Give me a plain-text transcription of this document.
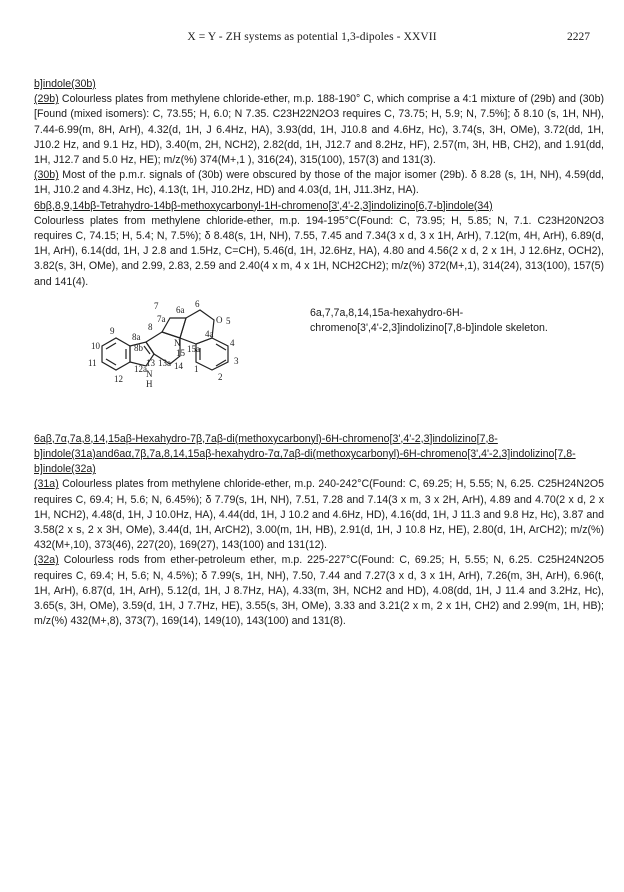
X = Y - ZH systems as potential 1,3-dipoles - XXVII	2227

b]indole(30b)

(29b) Colourless plates from methylene chloride-ether, m.p. 188-190° C, which comprise a 4:1 mixture of (29b) and (30b)[Found (mixed isomers): C, 73.55; H, 6.0; N 7.35. C23H22N2O3 requires C, 73.75; H, 5.9; N, 7.5%]; δ 8.10 (s, 1H, NH), 7.44-6.99(m, 8H, ArH), 4.32(d, 1H, J 6.4Hz, HA), 3.93(dd, 1H, J10.8 and 4.6Hz, Hc), 3.74(s, 3H, OMe), 3.72(dd, 1H, J10.2 Hz, and 9.1 Hz, HD), 3.40(m, 2H, NCH2), 2.82(dd, 1H, J12.7 and 8.2Hz, HF), 2.57(m, 3H, HB, CH2), and 1.91(dd, 1H, J12.7 and 5.0 Hz, HE); m/z(%) 374(M+,1 ), 316(24), 315(100), 157(3) and 131(3).

(30b) Most of the p.m.r. signals of (30b) were obscured by those of the major isomer (29b). δ 8.28 (s, 1H, NH), 4.59(dd, 1H, J10.2 and 4.3Hz, Hc), 4.13(t, 1H, J10.2Hz, HD) and 4.03(d, 1H, J11.3Hz, HA).

6bβ,8,9,14bβ-Tetrahydro-14bβ-methoxycarbonyl-1H-chromeno[3',4'-2,3]indolizino[6,7-b]indole(34)

Colourless plates from methylene chloride-ether, m.p. 194-195°C(Found: C, 73.95; H, 5.85; N, 7.1. C23H20N2O3 requires C, 74.15; H, 5.4; N, 7.5%); δ 8.48(s, 1H, NH), 7.55, 7.45 and 7.34(3 x d, 3 x 1H, ArH), 7.12(m, 4H, ArH), 6.89(d, 1H, ArH), 6.14(dd, 1H, J 2.8 and 1.5Hz, C=CH), 5.46(d, 1H, J2.6Hz, HA), 4.80 and 4.56(2 x d, 2 x 1H, J 12.6Hz, OCH2), 3.82(s, 3H, OMe), and 2.99, 2.83, 2.59 and 2.40(4 x m, 4 x 1H, NCH2CH2); m/z(%) 372(M+,1), 314(24), 313(100), 157(5) and 141(4).

7	6
6a
O 5
7a
8
4a
4
9
8a
N
15a
15
10	8b
13 13a 14 1
3
11
12a N	2
12	H
6a,7,7a,8,14,15a-hexahydro-6H-chromeno[3',4'-2,3]indolizino[7,8-b]indole skeleton.

6aβ,7α,7a,8,14,15aβ-Hexahydro-7β,7aβ-di(methoxycarbonyl)-6H-chromeno[3',4'-2,3]indolizino[7,8-b]indole(31a)and6aα,7β,7a,8,14,15aβ-hexahydro-7α,7aβ-di(methoxycarbonyl)-6H-chromeno[3',4'-2,3]indolizino[7,8-b]indole(32a)

(31a) Colourless plates from methylene chloride-ether, m.p. 240-242°C(Found: C, 69.25; H, 5.55; N, 6.25. C25H24N2O5 requires C, 69.4; H, 5.6; N, 6.45%); δ 7.79(s, 1H, NH), 7.51, 7.28 and 7.14(3 x m, 3 x 2H, ArH), 4.89 and 4.70(2 x d, 2 x 1H, NCH2), 4.48(d, 1H, J 10.0Hz, HA), 4.44(dd, 1H, J 10.2 and 4.6Hz, HD), 4.16(dd, 1H, J 11.3 and 9.8 Hz, Hc), 3.87 and 3.58(2 x s, 2 x 3H, OMe), 3.44(d, 1H, ArCH2), 3.00(m, 1H, HB), 2.91(d, 1H, J 10.8 Hz, HE), 2.80(d, 1H, ArCH2); m/z(%) 432(M+,10), 373(46), 227(20), 169(27), 143(100) and 131(12).

(32a) Colourless rods from ether-petroleum ether, m.p. 225-227°C(Found: C, 69.25; H, 5.55; N, 6.25. C25H24N2O5 requires C, 69.4; H, 5.6; N, 4.5%); δ 7.99(s, 1H, NH), 7.50, 7.44 and 7.27(3 x d, 3 x 1H, ArH), 7.26(m, 3H, ArH), 6.96(t, 1H, ArH), 6.87(d, 1H, ArH), 5.12(d, 1H, J 8.7Hz, HA), 4.33(m, 3H, NCH2 and HD), 4.08(dd, 1H, J 11.4 and 3.2Hz, Hc), 3.65(s, 3H, OMe), 3.59(d, 1H, J 7.7Hz, HE), 3.55(s, 3H, OMe), 3.33 and 3.21(2 x m, 2 x 1H, CH2) and 2.99(m, 1H, HB); m/z(%) 432(M+,8), 373(7), 169(14), 149(10), 143(100) and 131(8).
